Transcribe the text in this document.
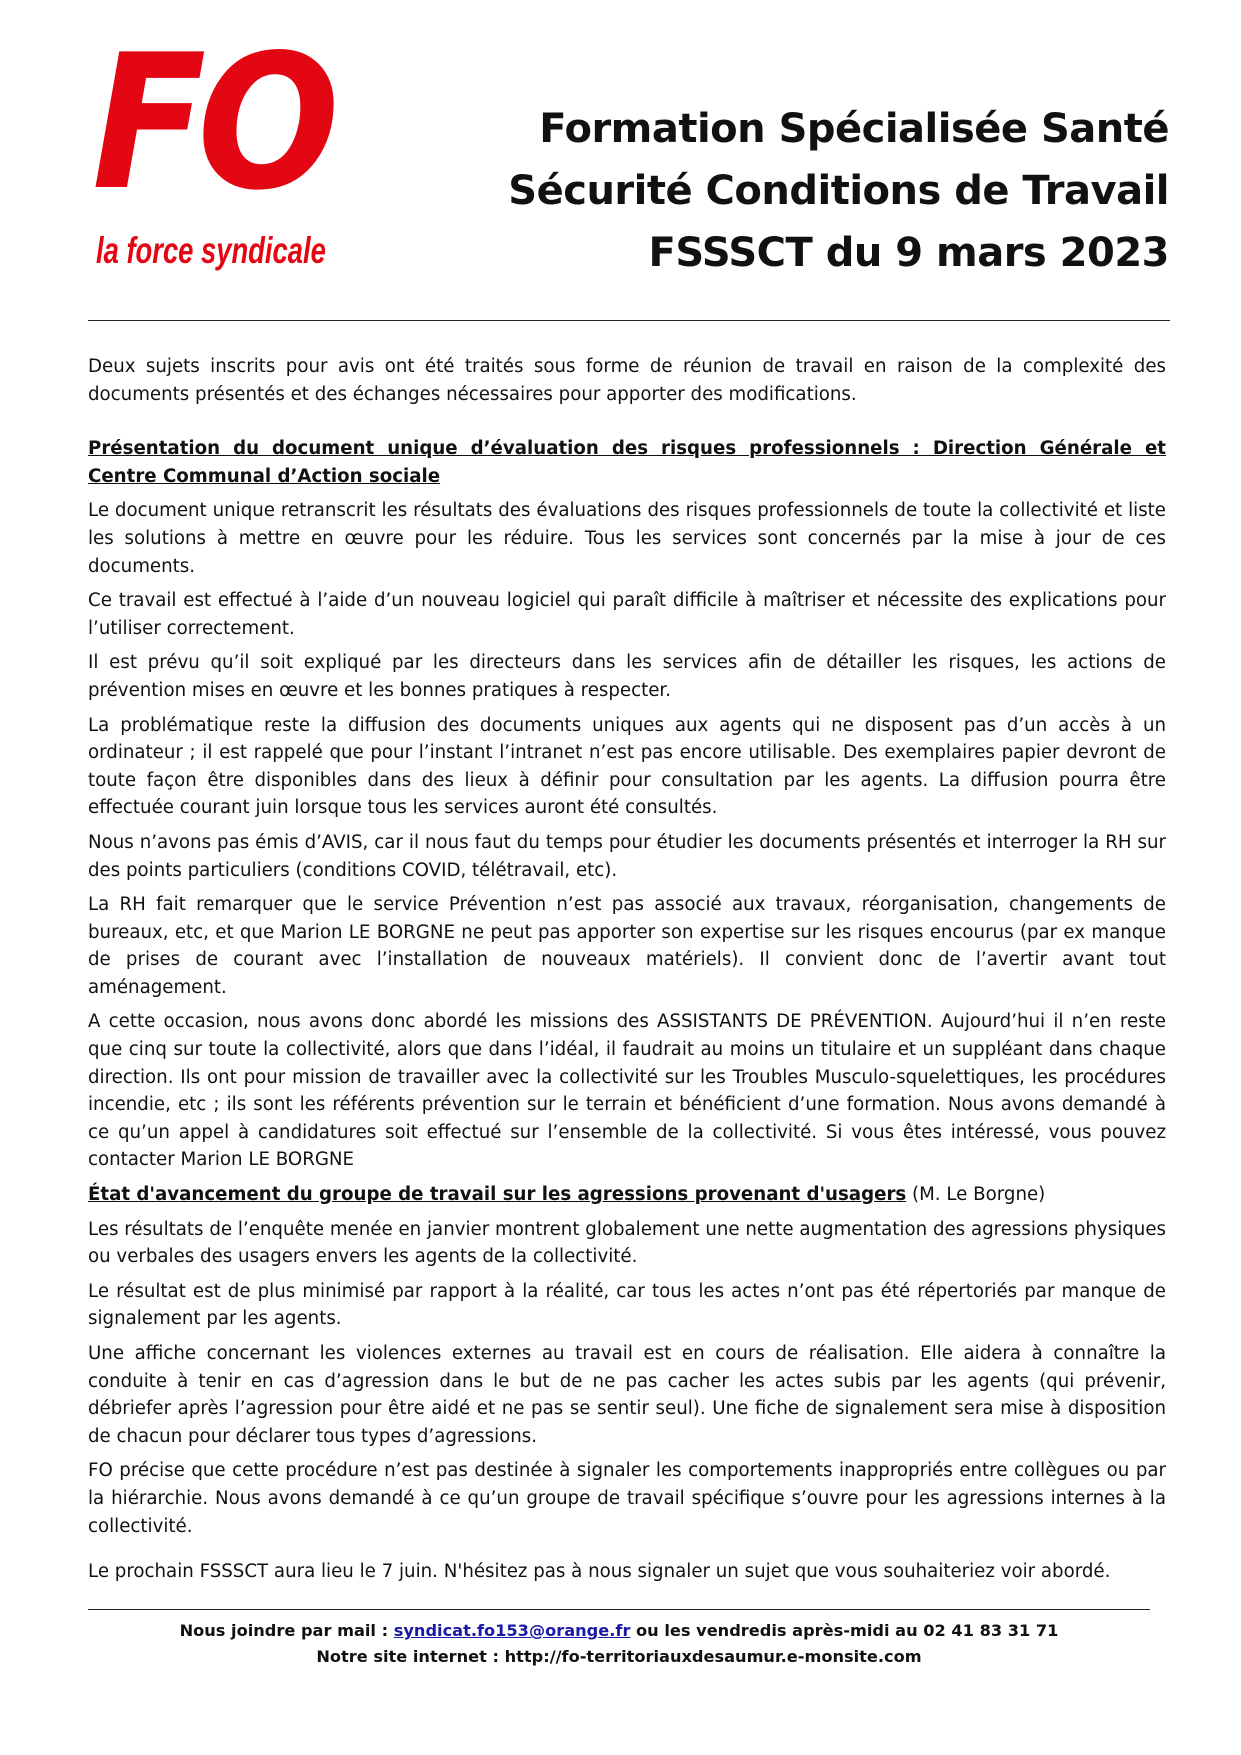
FO
la force syndicale
Formation Spécialisée Santé
Sécurité Conditions de Travail
FSSSCT du 9 mars 2023

Deux sujets inscrits pour avis ont été traités sous forme de réunion de travail en raison de la complexité des documents présentés et des échanges nécessaires pour apporter des modifications.

Présentation du document unique d’évaluation des risques professionnels : Direction Générale et Centre Communal d’Action sociale

Le document unique retranscrit les résultats des évaluations des risques professionnels de toute la collectivité et liste les solutions à mettre en œuvre pour les réduire. Tous les services sont concernés par la mise à jour de ces documents.

Ce travail est effectué à l’aide d’un nouveau logiciel qui paraît difficile à maîtriser et nécessite des explications pour l’utiliser correctement.

Il est prévu qu’il soit expliqué par les directeurs dans les services afin de détailler les risques, les actions de prévention mises en œuvre et les bonnes pratiques à respecter.

La problématique reste la diffusion des documents uniques aux agents qui ne disposent pas d’un accès à un ordinateur ; il est rappelé que pour l’instant l’intranet n’est pas encore utilisable. Des exemplaires papier devront de toute façon être disponibles dans des lieux à définir pour consultation par les agents. La diffusion pourra être effectuée courant juin lorsque tous les services auront été consultés.

Nous n’avons pas émis d’AVIS, car il nous faut du temps pour étudier les documents présentés et interroger la RH sur des points particuliers (conditions COVID, télétravail, etc).

La RH fait remarquer que le service Prévention n’est pas associé aux travaux, réorganisation, changements de bureaux, etc, et que Marion LE BORGNE ne peut pas apporter son expertise sur les risques encourus (par ex manque de prises de courant avec l’installation de nouveaux matériels). Il convient donc de l’avertir avant tout aménagement.

A cette occasion, nous avons donc abordé les missions des ASSISTANTS DE PRÉVENTION. Aujourd’hui il n’en reste que cinq sur toute la collectivité, alors que dans l’idéal, il faudrait au moins un titulaire et un suppléant dans chaque direction. Ils ont pour mission de travailler avec la collectivité sur les Troubles Musculo-squelettiques, les procédures incendie, etc ; ils sont les référents prévention sur le terrain et bénéficient d’une formation. Nous avons demandé à ce qu’un appel à candidatures soit effectué sur l’ensemble de la collectivité. Si vous êtes intéressé, vous pouvez contacter Marion LE BORGNE

État d'avancement du groupe de travail sur les agressions provenant d'usagers (M. Le Borgne)

Les résultats de l’enquête menée en janvier montrent globalement une nette augmentation des agressions physiques ou verbales des usagers envers les agents de la collectivité.

Le résultat est de plus minimisé par rapport à la réalité, car tous les actes n’ont pas été répertoriés par manque de signalement par les agents.

Une affiche concernant les violences externes au travail est en cours de réalisation. Elle aidera à connaître la conduite à tenir en cas d’agression dans le but de ne pas cacher les actes subis par les agents (qui prévenir, débriefer après l’agression pour être aidé et ne pas se sentir seul). Une fiche de signalement sera mise à disposition de chacun pour déclarer tous types d’agressions.

FO précise que cette procédure n’est pas destinée à signaler les comportements inappropriés entre collègues ou par la hiérarchie. Nous avons demandé à ce qu’un groupe de travail spécifique s’ouvre pour les agressions internes à la collectivité.

Le prochain FSSSCT aura lieu le 7 juin. N'hésitez pas à nous signaler un sujet que vous souhaiteriez voir abordé.

Nous joindre par mail : syndicat.fo153@orange.fr ou les vendredis après-midi au 02 41 83 31 71
Notre site internet : http://fo-territoriauxdesaumur.e-monsite.com
